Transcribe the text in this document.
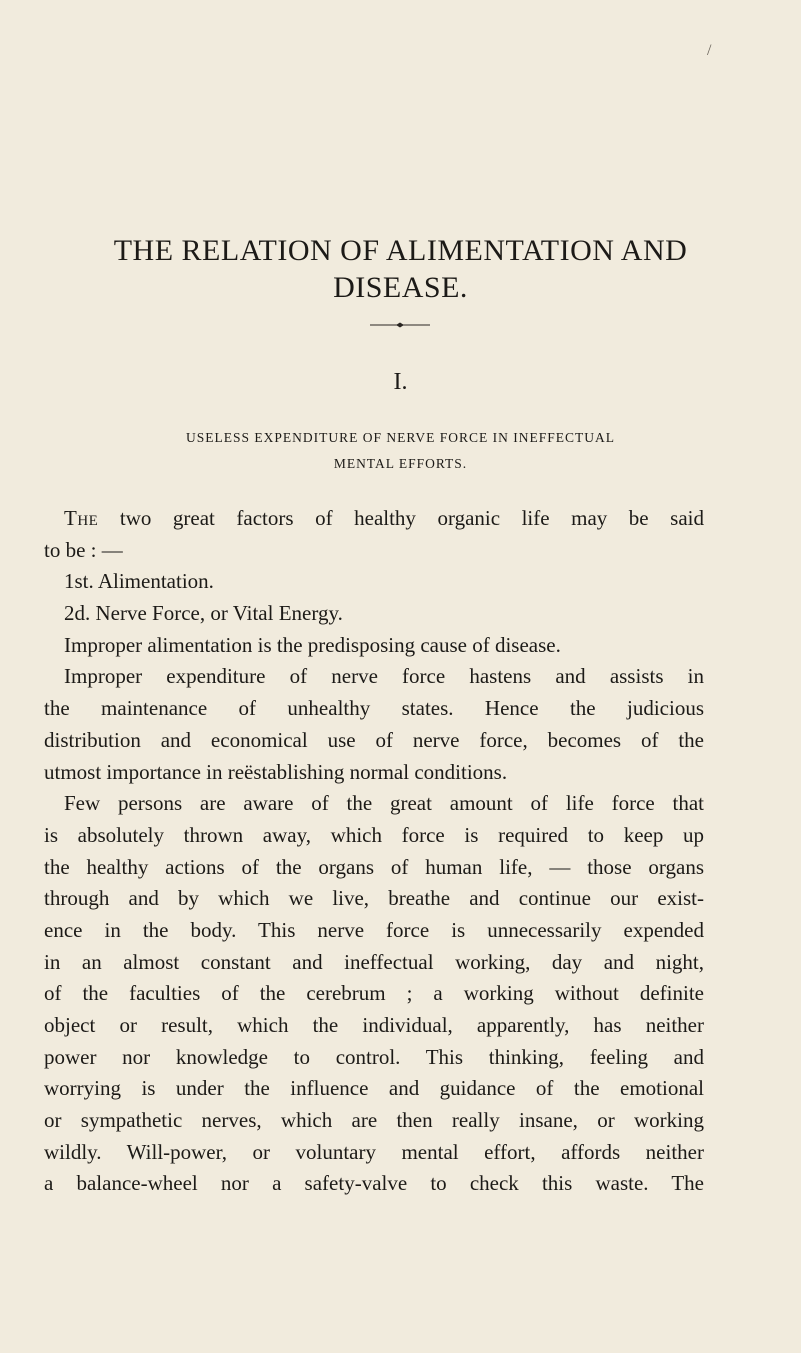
/
THE RELATION OF ALIMENTATION AND
DISEASE.
I.
USELESS EXPENDITURE OF NERVE FORCE IN INEFFECTUAL
MENTAL EFFORTS.
The two great factors of healthy organic life may be said
to be : —
1st. Alimentation.
2d. Nerve Force, or Vital Energy.
Improper alimentation is the predisposing cause of disease.
Improper expenditure of nerve force hastens and assists in
the maintenance of unhealthy states. Hence the judicious
distribution and economical use of nerve force, becomes of the
utmost importance in reëstablishing normal conditions.
Few persons are aware of the great amount of life force that
is absolutely thrown away, which force is required to keep up
the healthy actions of the organs of human life, — those organs
through and by which we live, breathe and continue our exist-
ence in the body. This nerve force is unnecessarily expended
in an almost constant and ineffectual working, day and night,
of the faculties of the cerebrum ; a working without definite
object or result, which the individual, apparently, has neither
power nor knowledge to control. This thinking, feeling and
worrying is under the influence and guidance of the emotional
or sympathetic nerves, which are then really insane, or working
wildly. Will-power, or voluntary mental effort, affords neither
a balance-wheel nor a safety-valve to check this waste. The
